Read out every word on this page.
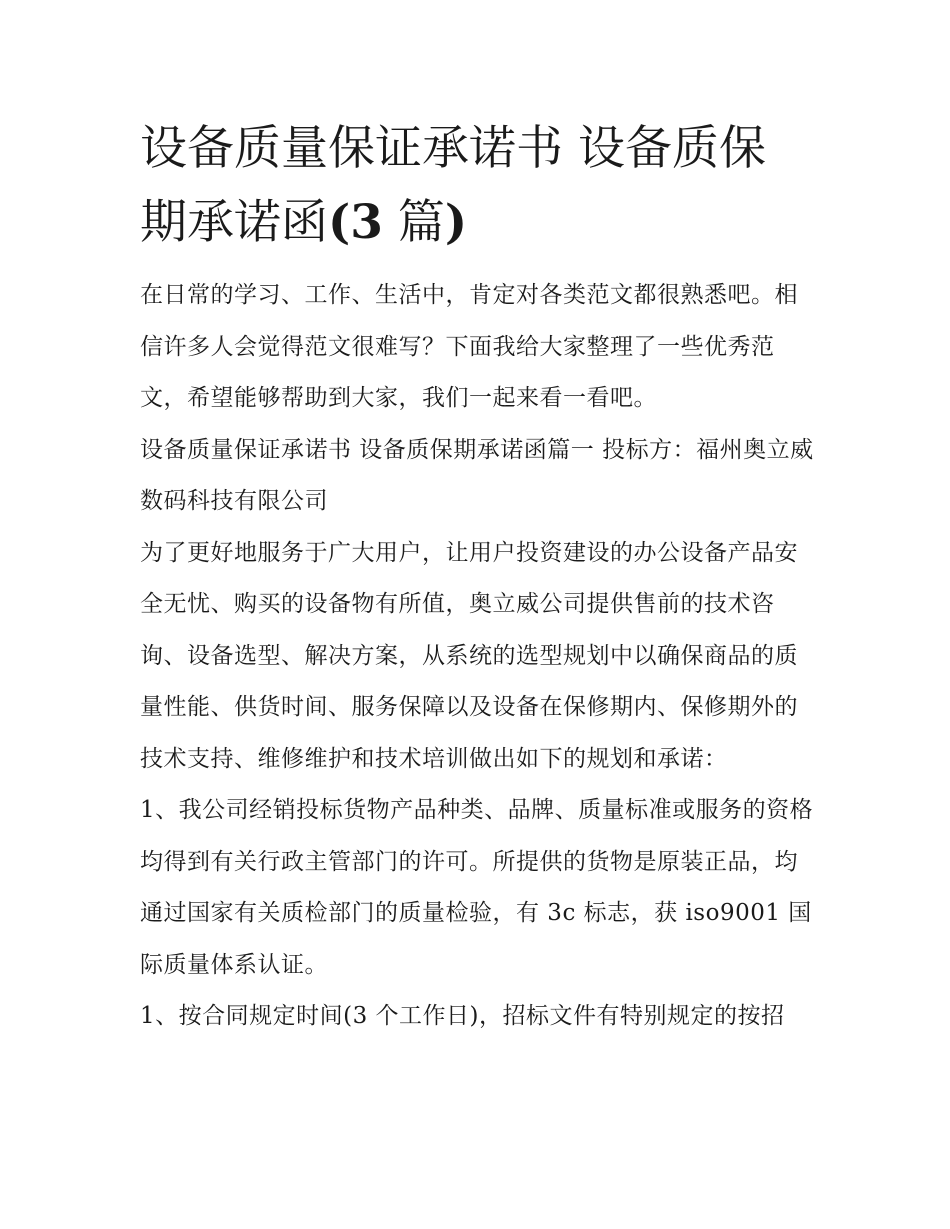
设备质量保证承诺书 设备质保
期承诺函(3 篇)

在日常的学习、工作、生活中，肯定对各类范文都很熟悉吧。相信许多人会觉得范文很难写？下面我给大家整理了一些优秀范文，希望能够帮助到大家，我们一起来看一看吧。

设备质量保证承诺书 设备质保期承诺函篇一 投标方：福州奥立威数码科技有限公司

为了更好地服务于广大用户，让用户投资建设的办公设备产品安全无忧、购买的设备物有所值，奥立威公司提供售前的技术咨询、设备选型、解决方案，从系统的选型规划中以确保商品的质量性能、供货时间、服务保障以及设备在保修期内、保修期外的技术支持、维修维护和技术培训做出如下的规划和承诺：

1、我公司经销投标货物产品种类、品牌、质量标准或服务的资格均得到有关行政主管部门的许可。所提供的货物是原装正品，均通过国家有关质检部门的质量检验，有 3c 标志，获 iso9001 国际质量体系认证。

1、按合同规定时间(3 个工作日)，招标文件有特别规定的按招
